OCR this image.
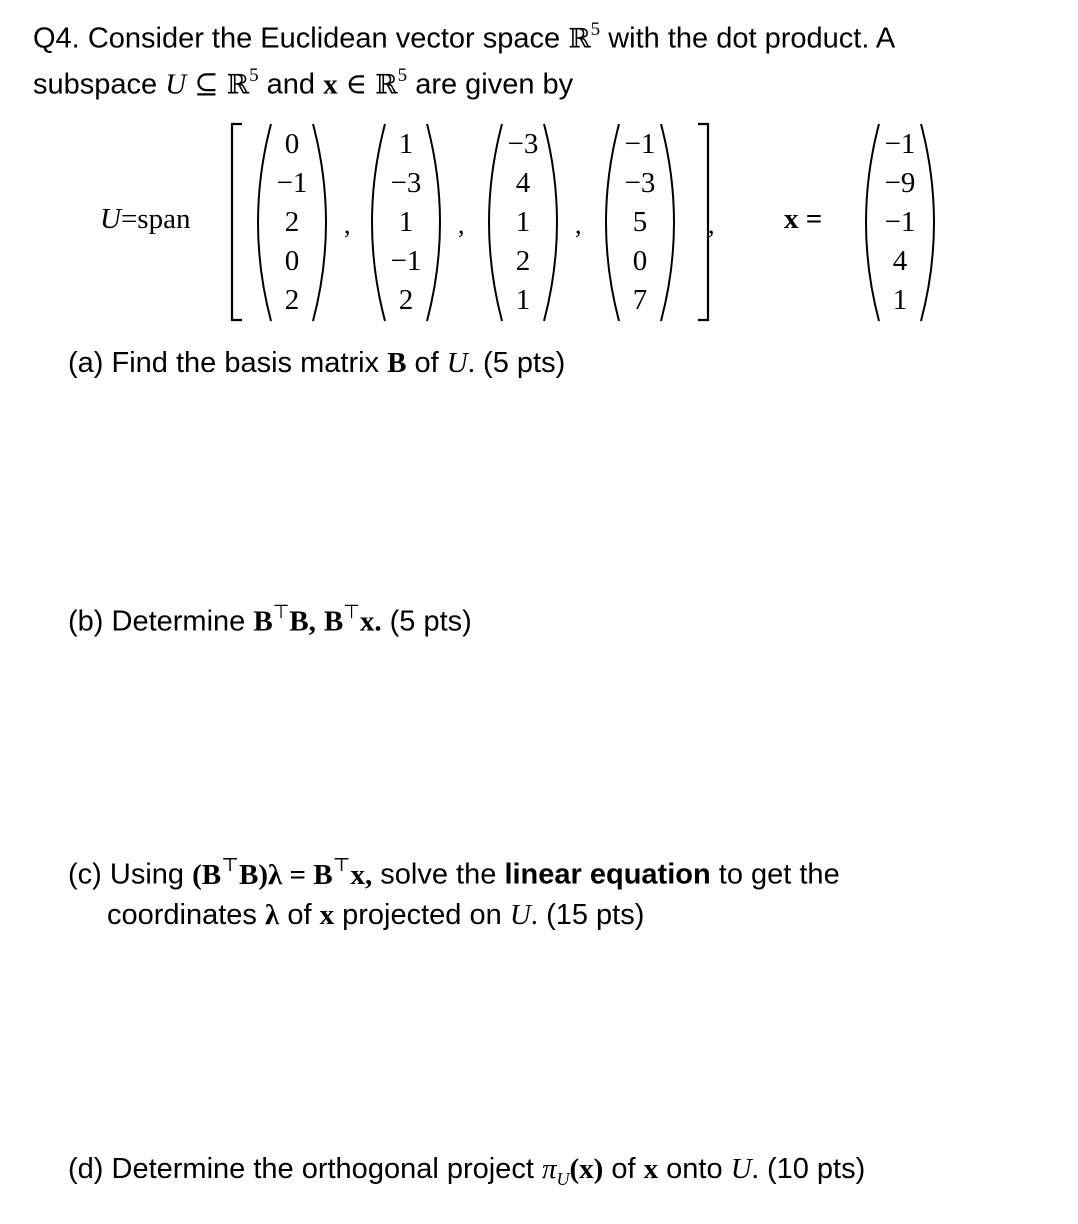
Q4. Consider the Euclidean vector space ℝ$^5$ with the dot product. A
subspace U ⊆ ℝ$^5$ and x ∈ ℝ$^5$ are given by
U=span
0
−1
2
0
2
,
1
−3
1
−1
2
,
−3
4
1
2
1
,
−1
−3
5
0
7
, x =
−1
−9
−1
4
1
(a) Find the basis matrix B of U. (5 pts)
(b) Determine B⊤B, B⊤x. (5 pts)
(c) Using (B⊤B)λ = B⊤x, solve the linear equation to get the
coordinates λ of x projected on U. (15 pts)
(d) Determine the orthogonal project $\pi_U(x)$ of x onto U. (10 pts)
